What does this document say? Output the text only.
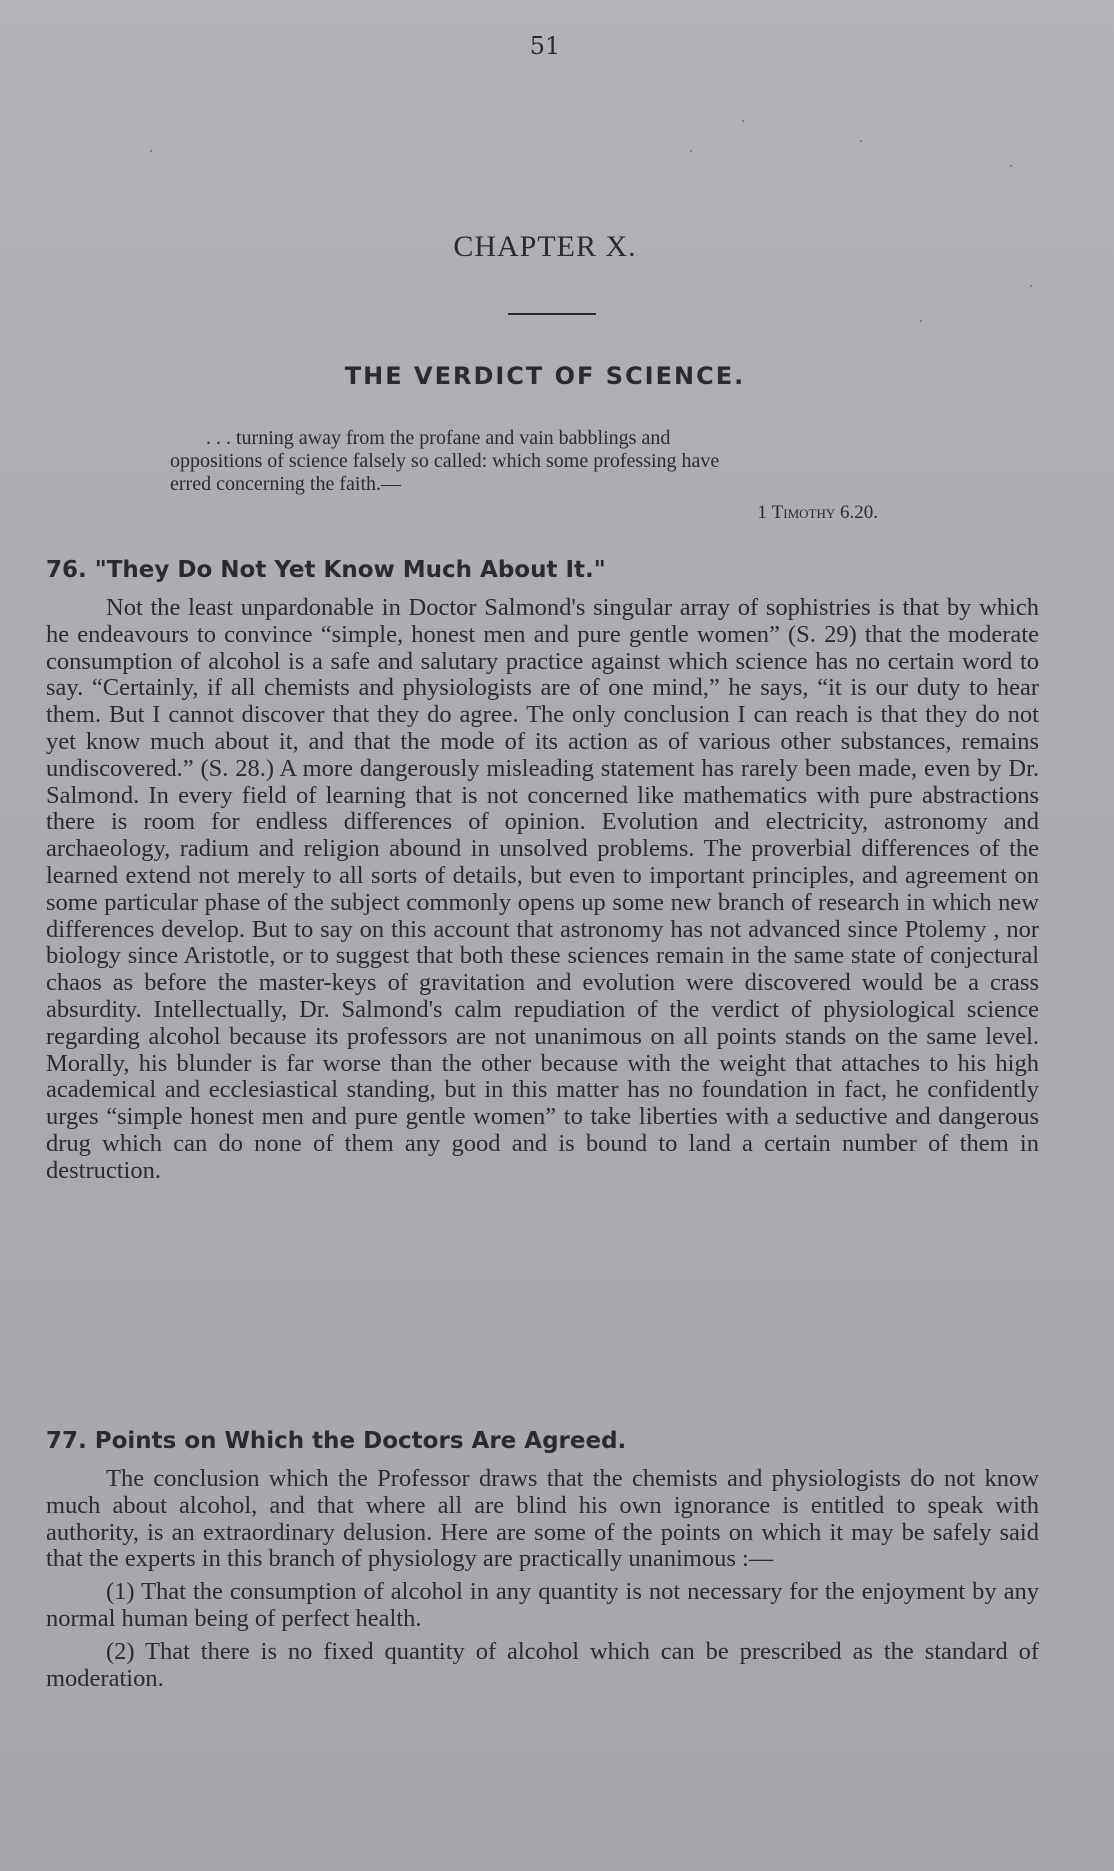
51
CHAPTER X.
THE VERDICT OF SCIENCE.

. . . turning away from the profane and vain babblings and

oppositions of science falsely so called: which some professing have

erred concerning the faith.—

1 Timothy 6.20.
76. "They Do Not Yet Know Much About It."

Not the least unpardonable in Doctor Salmond's singular array of sophistries is that by which he endeavours to convince “simple, honest men and pure gentle women” (S. 29) that the moderate consumption of alcohol is a safe and salutary practice against which science has no certain word to say. “Certainly, if all chemists and physiologists are of one mind,” he says, “it is our duty to hear them. But I cannot discover that they do agree. The only conclusion I can reach is that they do not yet know much about it, and that the mode of its action as of various other substances, remains undiscovered.” (S. 28.) A more dangerously misleading statement has rarely been made, even by Dr. Salmond. In every field of learning that is not concerned like mathematics with pure abstractions there is room for endless differences of opinion. Evolution and electricity, astronomy and archaeology, radium and religion abound in unsolved problems. The proverbial differences of the learned extend not merely to all sorts of details, but even to important principles, and agreement on some particular phase of the subject commonly opens up some new branch of research in which new differences develop. But to say on this account that astronomy has not advanced since Ptolemy , nor biology since Aristotle, or to suggest that both these sciences remain in the same state of conjectural chaos as before the master-keys of gravitation and evolution were discovered would be a crass absurdity. Intellectually, Dr. Salmond's calm repudiation of the verdict of physiological science regarding alcohol because its professors are not unanimous on all points stands on the same level. Morally, his blunder is far worse than the other because with the weight that attaches to his high academical and ecclesiastical standing, but in this matter has no foundation in fact, he confidently urges “simple honest men and pure gentle women” to take liberties with a seductive and dangerous drug which can do none of them any good and is bound to land a certain number of them in destruction.

77. Points on Which the Doctors Are Agreed.

The conclusion which the Professor draws that the chemists and physiologists do not know much about alcohol, and that where all are blind his own ignorance is entitled to speak with authority, is an extraordinary delusion. Here are some of the points on which it may be safely said that the experts in this branch of physiology are practically unanimous :—

(1) That the consumption of alcohol in any quantity is not necessary for the enjoyment by any normal human being of perfect health.

(2) That there is no fixed quantity of alcohol which can be prescribed as the standard of moderation.
